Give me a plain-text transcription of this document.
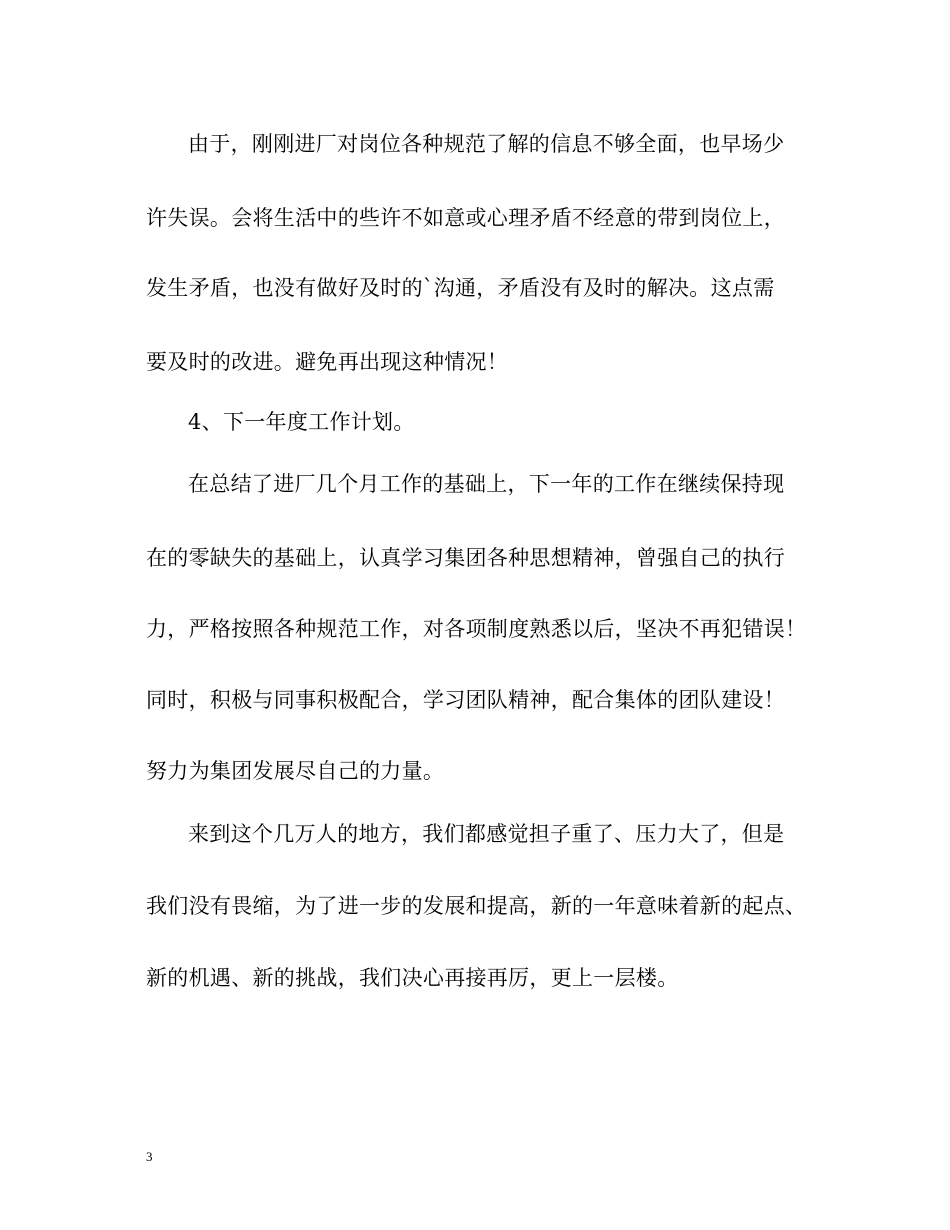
由于，刚刚进厂对岗位各种规范了解的信息不够全面，也早场少
许失误。会将生活中的些许不如意或心理矛盾不经意的带到岗位上，
发生矛盾，也没有做好及时的`沟通，矛盾没有及时的解决。这点需
要及时的改进。避免再出现这种情况！
4、下一年度工作计划。
在总结了进厂几个月工作的基础上，下一年的工作在继续保持现
在的零缺失的基础上，认真学习集团各种思想精神，曾强自己的执行
力，严格按照各种规范工作，对各项制度熟悉以后，坚决不再犯错误！
同时，积极与同事积极配合，学习团队精神，配合集体的团队建设！
努力为集团发展尽自己的力量。
来到这个几万人的地方，我们都感觉担子重了、压力大了，但是
我们没有畏缩，为了进一步的发展和提高，新的一年意味着新的起点、
新的机遇、新的挑战，我们决心再接再厉，更上一层楼。
3
